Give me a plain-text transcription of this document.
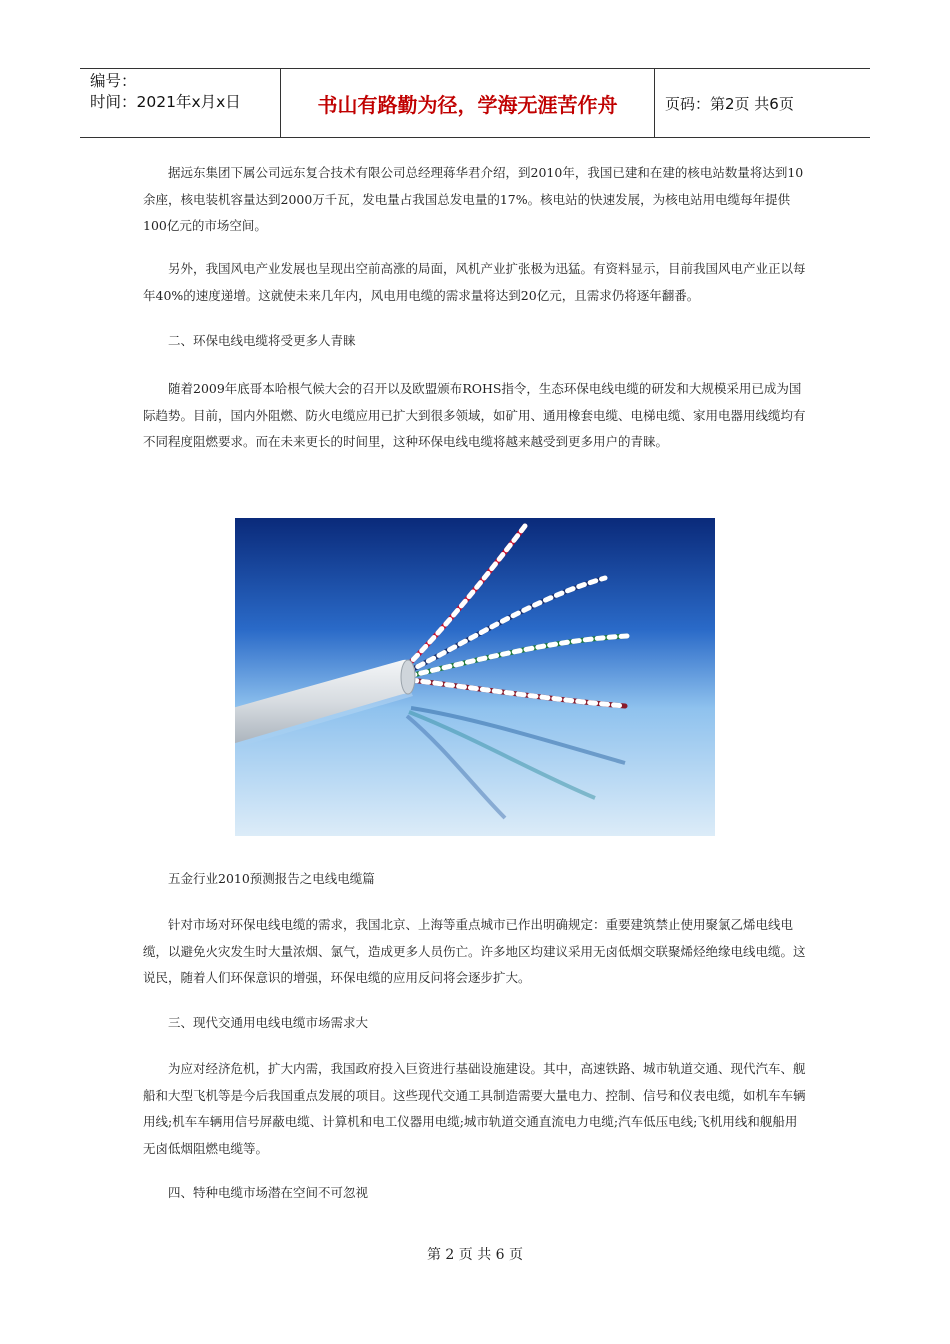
编号：
时间：2021年x月x日	书山有路勤为径，学海无涯苦作舟	页码：第2页 共6页

据远东集团下属公司远东复合技术有限公司总经理蒋华君介绍，到2010年，我国已建和在建的核电站数量将达到10余座，核电装机容量达到2000万千瓦，发电量占我国总发电量的17%。核电站的快速发展，为核电站用电缆每年提供100亿元的市场空间。

另外，我国风电产业发展也呈现出空前高涨的局面，风机产业扩张极为迅猛。有资料显示，目前我国风电产业正以每年40%的速度递增。这就使未来几年内，风电用电缆的需求量将达到20亿元，且需求仍将逐年翻番。

二、环保电线电缆将受更多人青睐

随着2009年底哥本哈根气候大会的召开以及欧盟颁布ROHS指令，生态环保电线电缆的研发和大规模采用已成为国际趋势。目前，国内外阻燃、防火电缆应用已扩大到很多领域，如矿用、通用橡套电缆、电梯电缆、家用电器用线缆均有不同程度阻燃要求。而在未来更长的时间里，这种环保电线电缆将越来越受到更多用户的青睐。

五金行业2010预测报告之电线电缆篇

针对市场对环保电线电缆的需求，我国北京、上海等重点城市已作出明确规定：重要建筑禁止使用聚氯乙烯电线电缆，以避免火灾发生时大量浓烟、氯气，造成更多人员伤亡。许多地区均建议采用无卤低烟交联聚烯烃绝缘电线电缆。这说民，随着人们环保意识的增强，环保电缆的应用反问将会逐步扩大。

三、现代交通用电线电缆市场需求大

为应对经济危机，扩大内需，我国政府投入巨资进行基础设施建设。其中，高速铁路、城市轨道交通、现代汽车、舰船和大型飞机等是今后我国重点发展的项目。这些现代交通工具制造需要大量电力、控制、信号和仪表电缆，如机车车辆用线;机车车辆用信号屏蔽电缆、计算机和电工仪器用电缆;城市轨道交通直流电力电缆;汽车低压电线;飞机用线和舰船用无卤低烟阻燃电缆等。

四、特种电缆市场潜在空间不可忽视
第 2 页 共 6 页
